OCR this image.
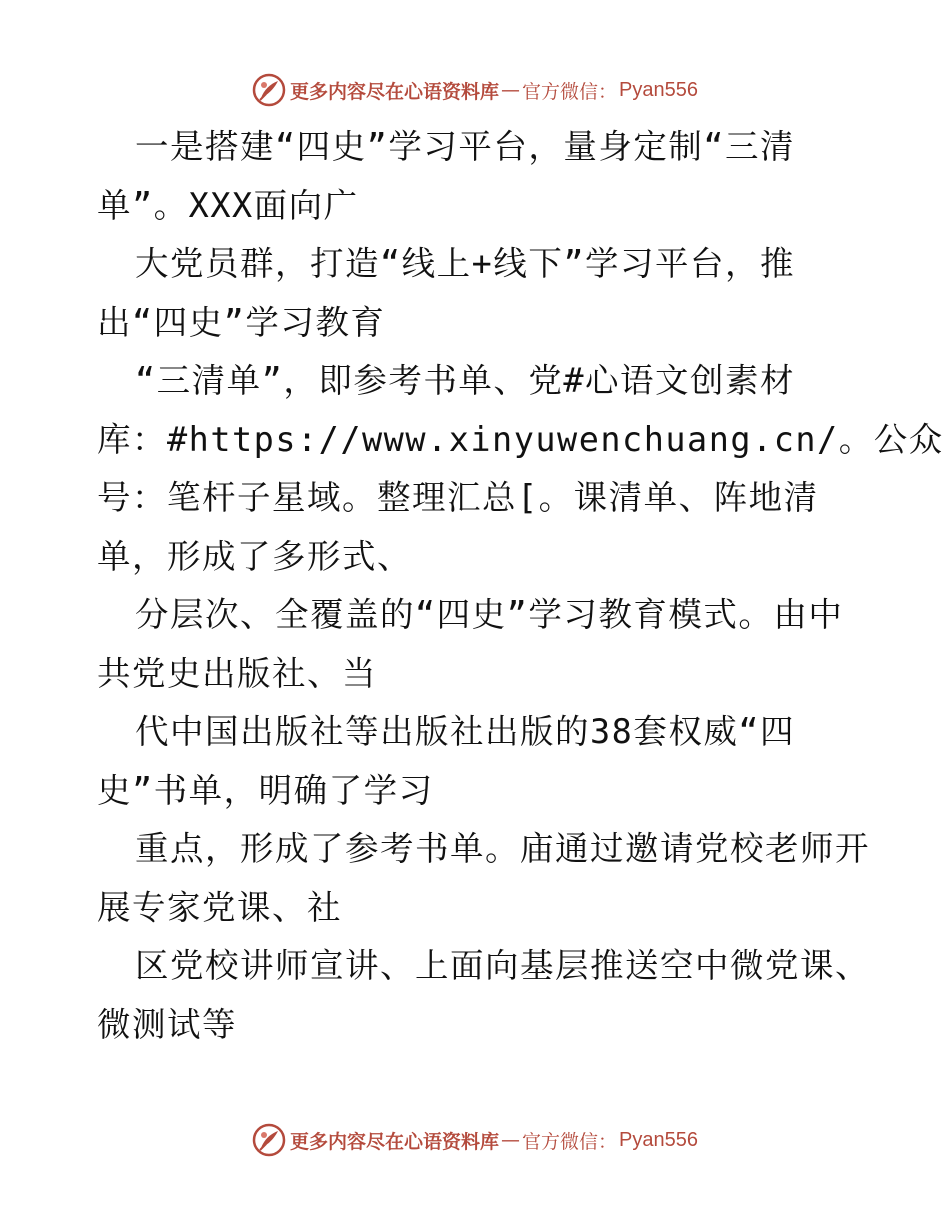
更多内容尽在心语资料库 — 官方微信： Pyan556
一是搭建“四史”学习平台，量身定制“三清
单”。XXX面向广
大党员群，打造“线上+线下”学习平台，推
出“四史”学习教育
“三清单”，即参考书单、党#心语文创素材
库：#https://www.xinyuwenchuang.cn/。公众
号：笔杆子星域。整理汇总[。课清单、阵地清
单，形成了多形式、
分层次、全覆盖的“四史”学习教育模式。由中
共党史出版社、当
代中国出版社等出版社出版的38套权威“四
史”书单，明确了学习
重点，形成了参考书单。庙通过邀请党校老师开
展专家党课、社
区党校讲师宣讲、上面向基层推送空中微党课、
微测试等
更多内容尽在心语资料库 — 官方微信： Pyan556
